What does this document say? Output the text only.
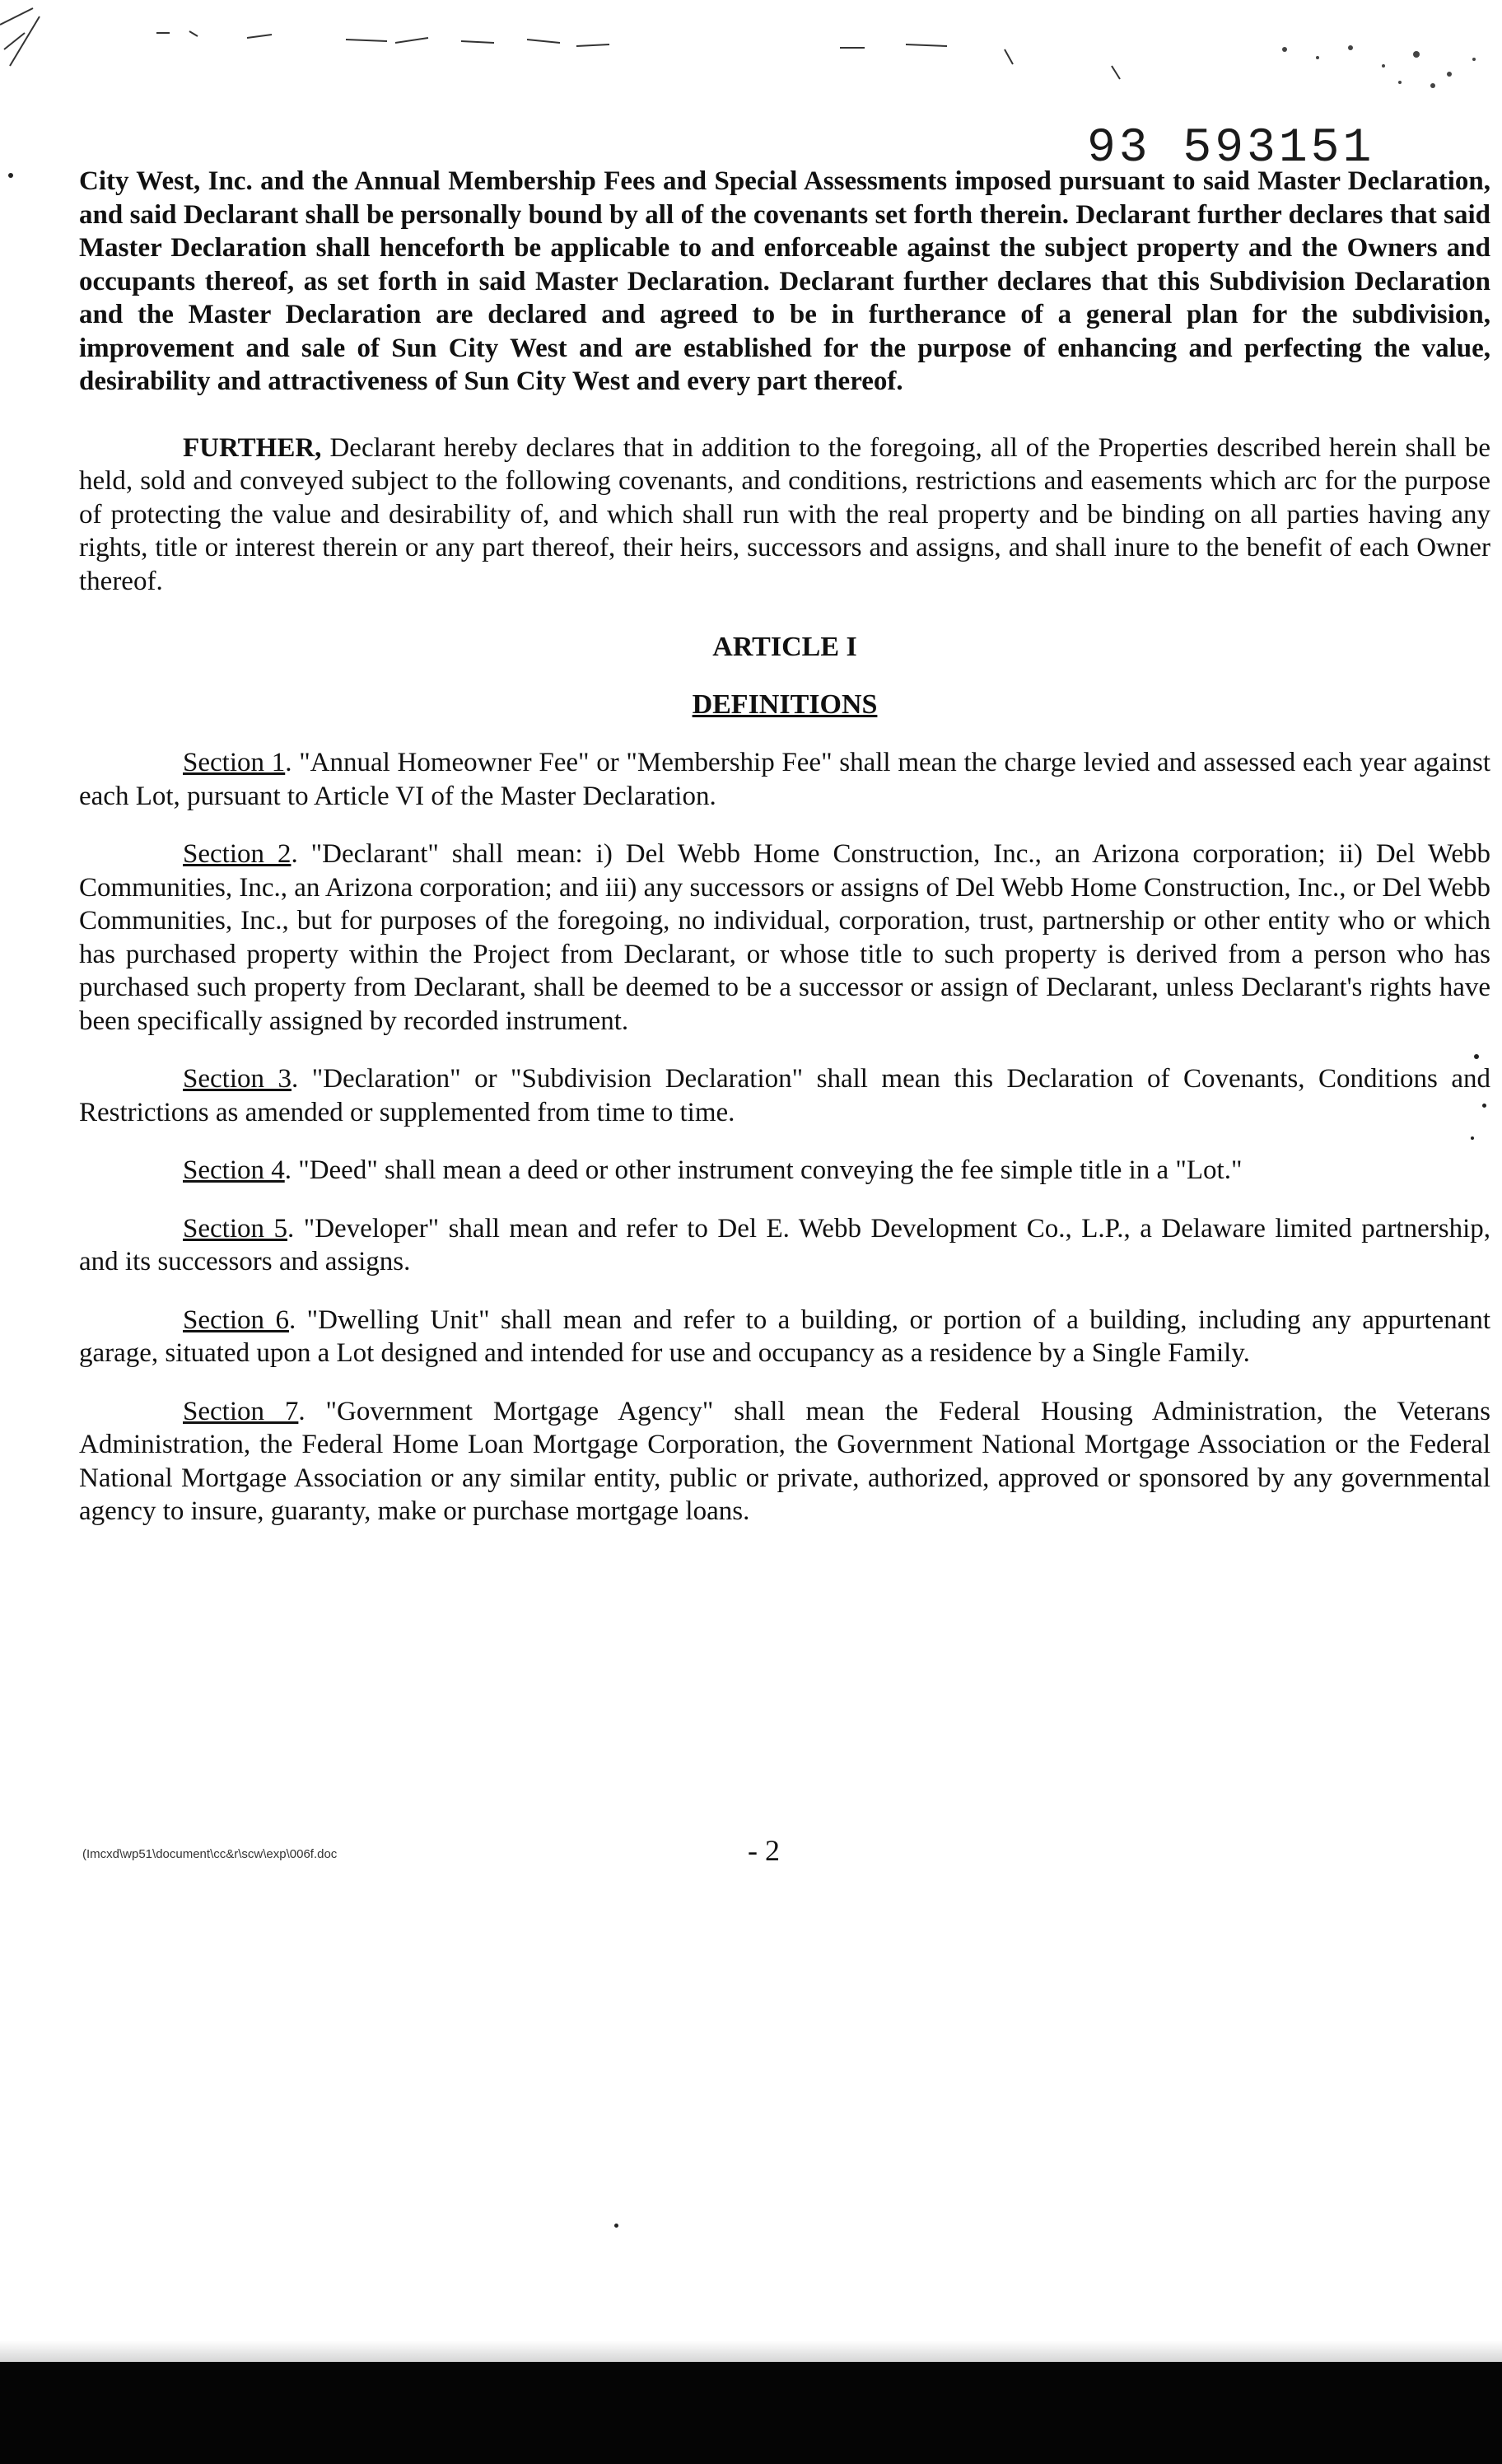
93 593151

City West, Inc. and the Annual Membership Fees and Special Assessments imposed pursuant to said Master Declaration, and said Declarant shall be personally bound by all of the covenants set forth therein. Declarant further declares that said Master Declaration shall henceforth be applicable to and enforceable against the subject property and the Owners and occupants thereof, as set forth in said Master Declaration. Declarant further declares that this Subdivision Declaration and the Master Declaration are declared and agreed to be in furtherance of a general plan for the subdivision, improvement and sale of Sun City West and are established for the purpose of enhancing and perfecting the value, desirability and attractiveness of Sun City West and every part thereof.

FURTHER, Declarant hereby declares that in addition to the foregoing, all of the Properties described herein shall be held, sold and conveyed subject to the following covenants, and conditions, restrictions and easements which arc for the purpose of protecting the value and desirability of, and which shall run with the real property and be binding on all parties having any rights, title or interest therein or any part thereof, their heirs, successors and assigns, and shall inure to the benefit of each Owner thereof.

ARTICLE I
DEFINITIONS

Section 1. "Annual Homeowner Fee" or "Membership Fee" shall mean the charge levied and assessed each year against each Lot, pursuant to Article VI of the Master Declaration.

Section 2. "Declarant" shall mean: i) Del Webb Home Construction, Inc., an Arizona corporation; ii) Del Webb Communities, Inc., an Arizona corporation; and iii) any successors or assigns of Del Webb Home Construction, Inc., or Del Webb Communities, Inc., but for purposes of the foregoing, no individual, corporation, trust, partnership or other entity who or which has purchased property within the Project from Declarant, or whose title to such property is derived from a person who has purchased such property from Declarant, shall be deemed to be a successor or assign of Declarant, unless Declarant's rights have been specifically assigned by recorded instrument.

Section 3. "Declaration" or "Subdivision Declaration" shall mean this Declaration of Covenants, Conditions and Restrictions as amended or supplemented from time to time.

Section 4. "Deed" shall mean a deed or other instrument conveying the fee simple title in a "Lot."

Section 5. "Developer" shall mean and refer to Del E. Webb Development Co., L.P., a Delaware limited partnership, and its successors and assigns.

Section 6. "Dwelling Unit" shall mean and refer to a building, or portion of a building, including any appurtenant garage, situated upon a Lot designed and intended for use and occupancy as a residence by a Single Family.

Section 7. "Government Mortgage Agency" shall mean the Federal Housing Administration, the Veterans Administration, the Federal Home Loan Mortgage Corporation, the Government National Mortgage Association or the Federal National Mortgage Association or any similar entity, public or private, authorized, approved or sponsored by any governmental agency to insure, guaranty, make or purchase mortgage loans.

(Imcxd\wp51\document\cc&r\scw\exp\006f.doc	- 2
